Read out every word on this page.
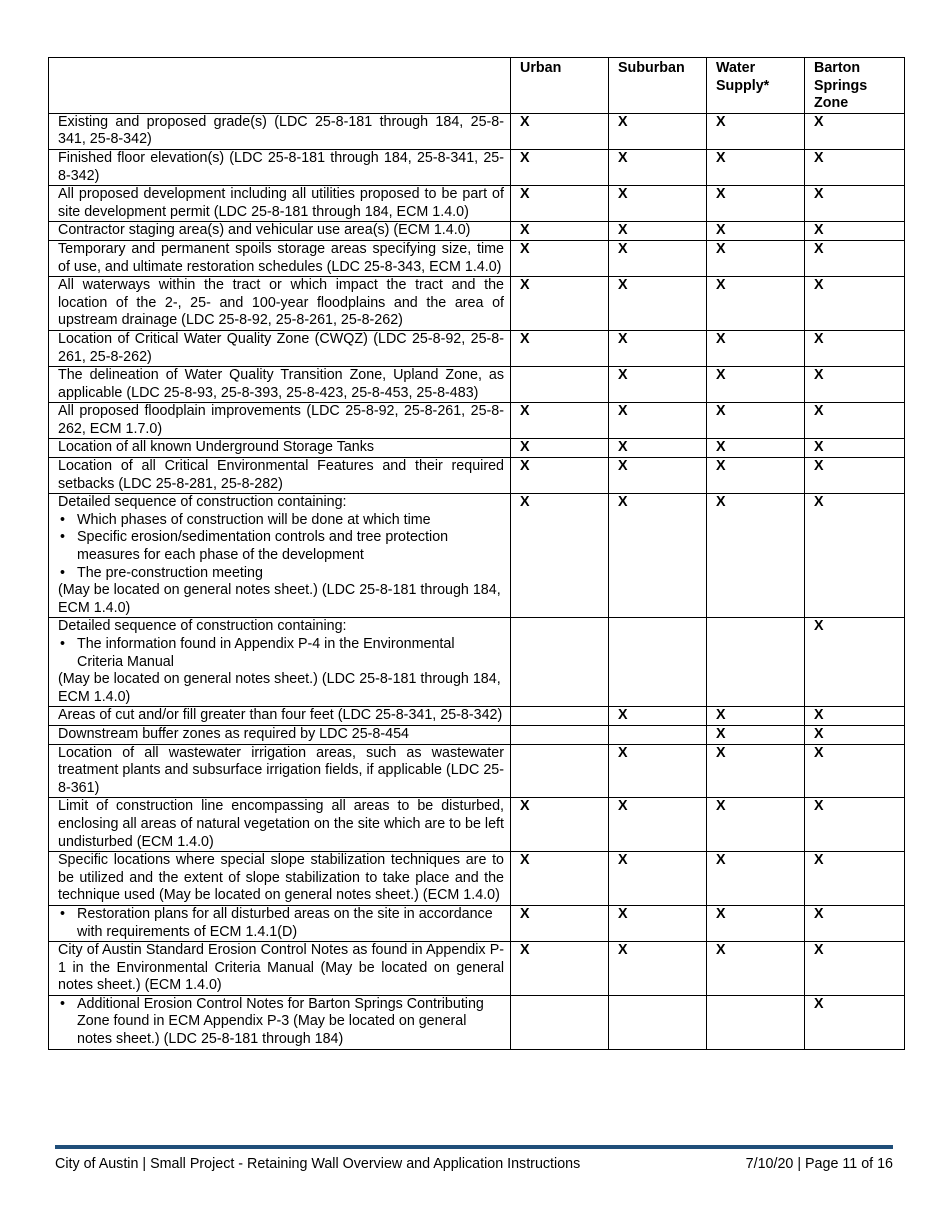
	Urban	Suburban	Water Supply*	Barton Springs Zone

Existing and proposed grade(s) (LDC 25-8-181 through 184, 25-8-341, 25-8-342)	X	X	X	X

Finished floor elevation(s) (LDC 25-8-181 through 184, 25-8-341, 25-8-342)	X	X	X	X

All proposed development including all utilities proposed to be part of site development permit (LDC 25-8-181 through 184, ECM 1.4.0)	X	X	X	X

Contractor staging area(s) and vehicular use area(s) (ECM 1.4.0)	X	X	X	X

Temporary and permanent spoils storage areas specifying size, time of use, and ultimate restoration schedules (LDC 25-8-343, ECM 1.4.0)	X	X	X	X

All waterways within the tract or which impact the tract and the location of the 2-, 25- and 100-year floodplains and the area of upstream drainage (LDC 25-8-92, 25-8-261, 25-8-262)	X	X	X	X

Location of Critical Water Quality Zone (CWQZ) (LDC 25-8-92, 25-8-261, 25-8-262)	X	X	X	X

The delineation of Water Quality Transition Zone, Upland Zone, as applicable (LDC 25-8-93, 25-8-393, 25-8-423, 25-8-453, 25-8-483)		X	X	X

All proposed floodplain improvements (LDC 25-8-92, 25-8-261, 25-8-262, ECM 1.7.0)	X	X	X	X

Location of all known Underground Storage Tanks	X	X	X	X

Location of all Critical Environmental Features and their required setbacks (LDC 25-8-281, 25-8-282)	X	X	X	X

Detailed sequence of construction containing:
• Which phases of construction will be done at which time
• Specific erosion/sedimentation controls and tree protection measures for each phase of the development
• The pre-construction meeting
(May be located on general notes sheet.) (LDC 25-8-181 through 184, ECM 1.4.0)	X	X	X	X

Detailed sequence of construction containing:
• The information found in Appendix P-4 in the Environmental Criteria Manual
(May be located on general notes sheet.) (LDC 25-8-181 through 184, ECM 1.4.0)				X

Areas of cut and/or fill greater than four feet (LDC 25-8-341, 25-8-342)		X	X	X

Downstream buffer zones as required by LDC 25-8-454			X	X

Location of all wastewater irrigation areas, such as wastewater treatment plants and subsurface irrigation fields, if applicable (LDC 25-8-361)		X	X	X

Limit of construction line encompassing all areas to be disturbed, enclosing all areas of natural vegetation on the site which are to be left undisturbed (ECM 1.4.0)	X	X	X	X

Specific locations where special slope stabilization techniques are to be utilized and the extent of slope stabilization to take place and the technique used (May be located on general notes sheet.) (ECM 1.4.0)	X	X	X	X

• Restoration plans for all disturbed areas on the site in accordance with requirements of ECM 1.4.1(D)	X	X	X	X

City of Austin Standard Erosion Control Notes as found in Appendix P-1 in the Environmental Criteria Manual (May be located on general notes sheet.) (ECM 1.4.0)	X	X	X	X

• Additional Erosion Control Notes for Barton Springs Contributing Zone found in ECM Appendix P-3 (May be located on general notes sheet.) (LDC 25-8-181 through 184)				X
City of Austin | Small Project - Retaining Wall Overview and Application Instructions	7/10/20 | Page 11 of 16
